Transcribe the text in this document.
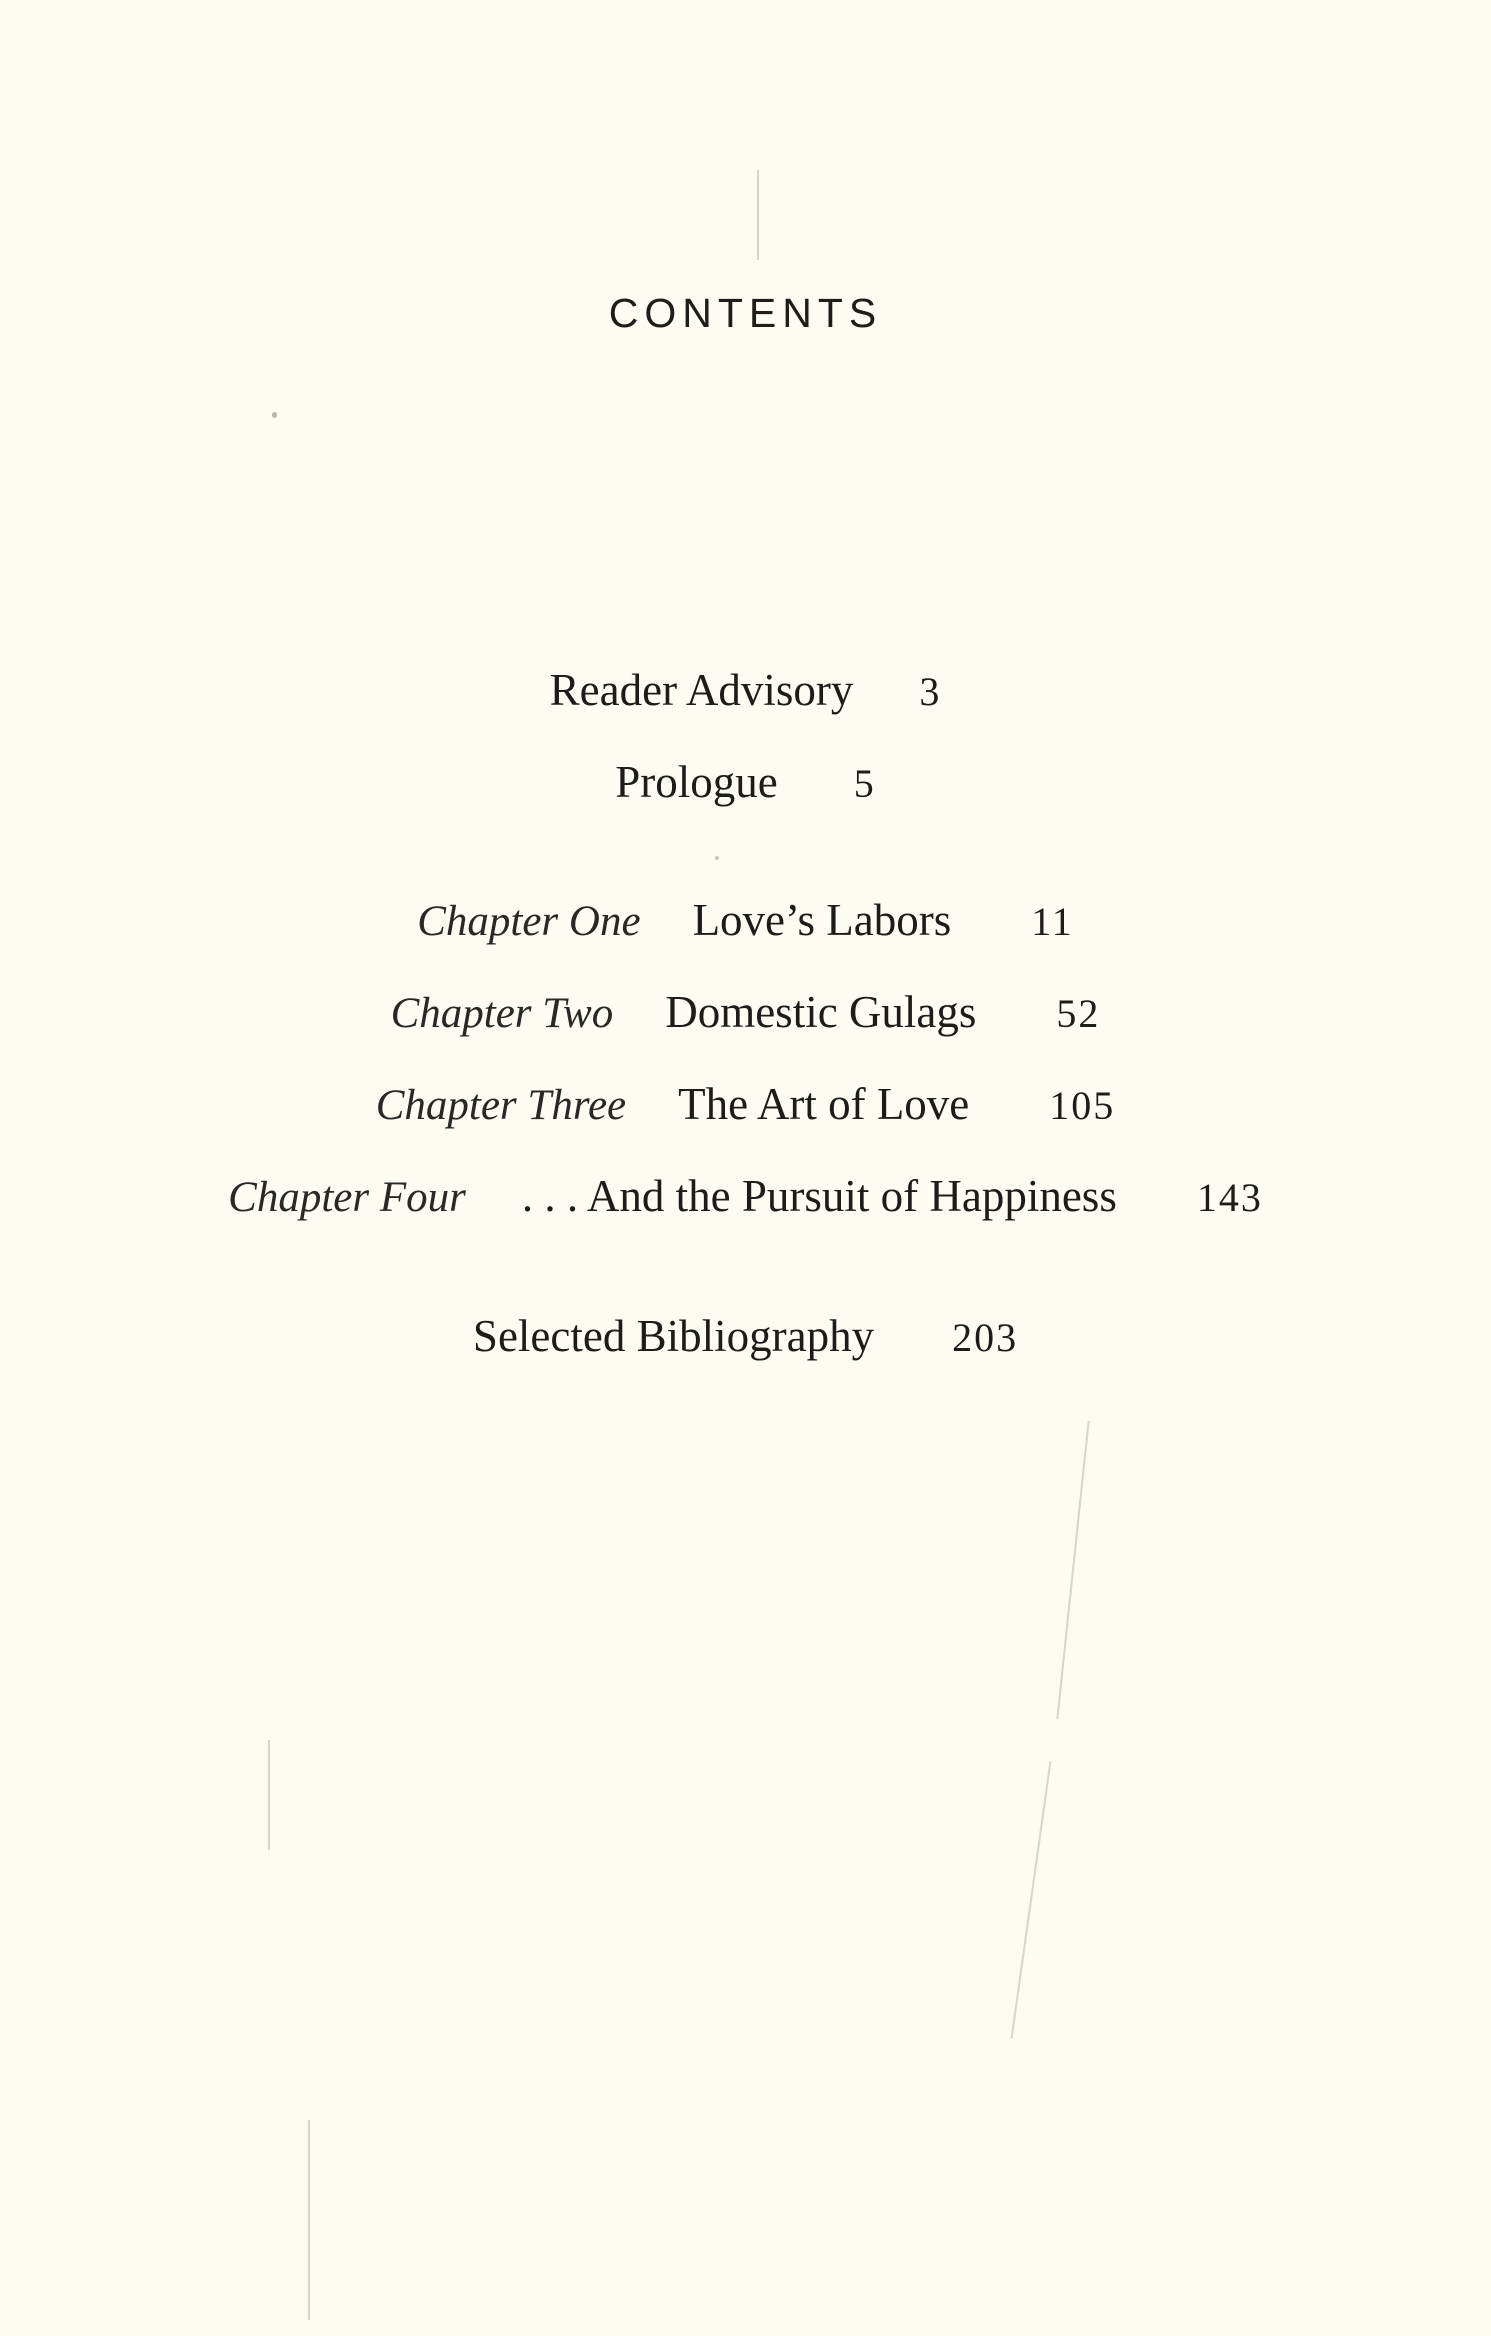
CONTENTS
Reader Advisory 3
Prologue 5
Chapter One Love’s Labors 11
Chapter Two Domestic Gulags 52
Chapter Three The Art of Love 105
Chapter Four . . . And the Pursuit of Happiness 143
Selected Bibliography 203
